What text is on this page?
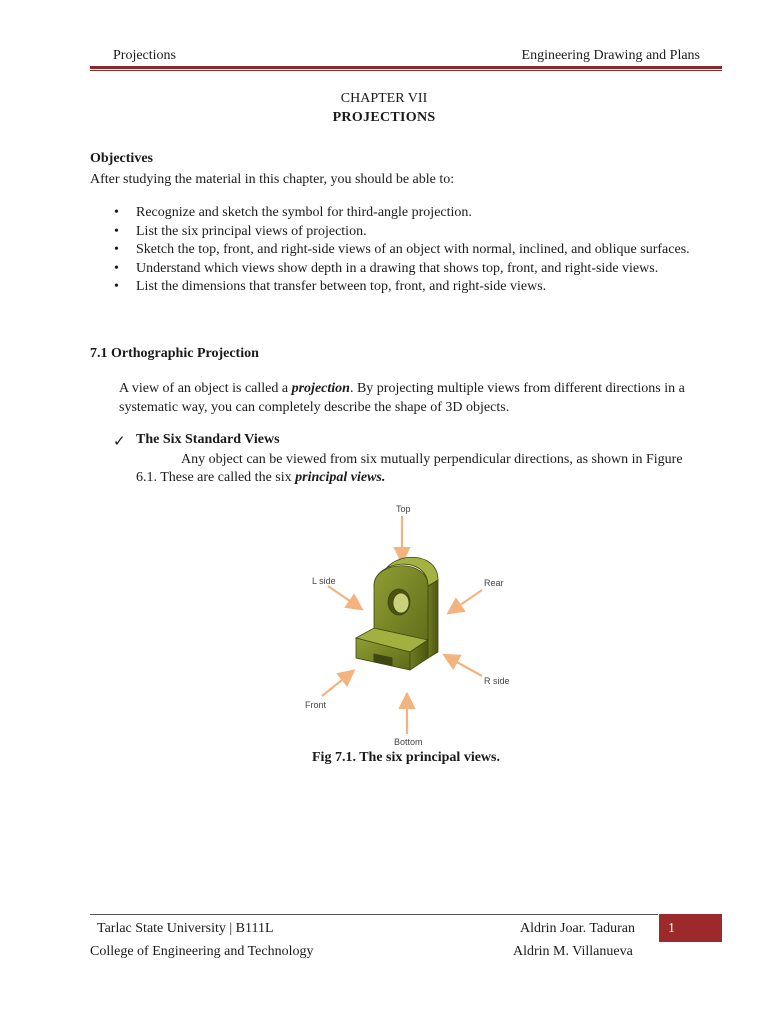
Projections	Engineering Drawing and Plans
CHAPTER VII
PROJECTIONS
Objectives
After studying the material in this chapter, you should be able to:
•	Recognize and sketch the symbol for third-angle projection.
•	List the six principal views of projection.
•	Sketch the top, front, and right-side views of an object with normal, inclined, and oblique surfaces.
•	Understand which views show depth in a drawing that shows top, front, and right-side views.
•	List the dimensions that transfer between top, front, and right-side views.
7.1 Orthographic Projection
A view of an object is called a projection. By projecting multiple views from different directions in a systematic way, you can completely describe the shape of 3D objects.
✓ The Six Standard Views
Any object can be viewed from six mutually perpendicular directions, as shown in Figure
6.1. These are called the six principal views.
Top
L side	Rear
R side
Front
Bottom
Fig 7.1. The six principal views.
Tarlac State University | B111L
College of Engineering and Technology
Aldrin Joar. Taduran
Aldrin M. Villanueva
1
